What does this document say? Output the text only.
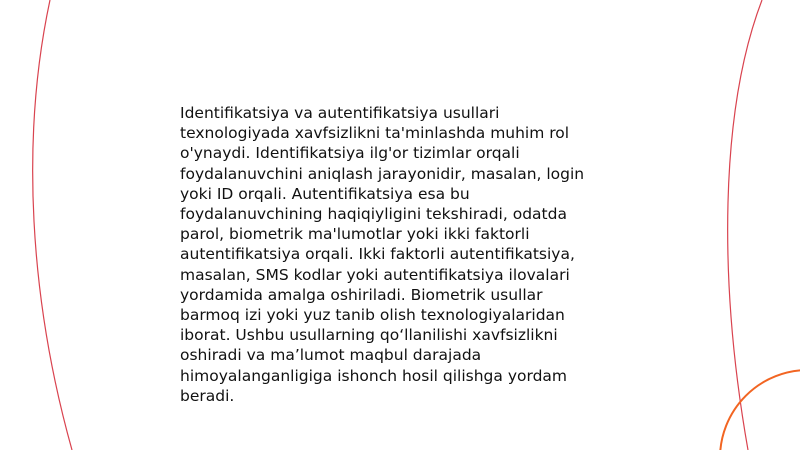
Identifikatsiya va autentifikatsiya usullari
texnologiyada xavfsizlikni ta'minlashda muhim rol
o'ynaydi. Identifikatsiya ilg'or tizimlar orqali
foydalanuvchini aniqlash jarayonidir, masalan, login
yoki ID orqali. Autentifikatsiya esa bu
foydalanuvchining haqiqiyligini tekshiradi, odatda
parol, biometrik ma'lumotlar yoki ikki faktorli
autentifikatsiya orqali. Ikki faktorli autentifikatsiya,
masalan, SMS kodlar yoki autentifikatsiya ilovalari
yordamida amalga oshiriladi. Biometrik usullar
barmoq izi yoki yuz tanib olish texnologiyalaridan
iborat. Ushbu usullarning qo‘llanilishi xavfsizlikni
oshiradi va ma’lumot maqbul darajada
himoyalanganligiga ishonch hosil qilishga yordam
beradi.
